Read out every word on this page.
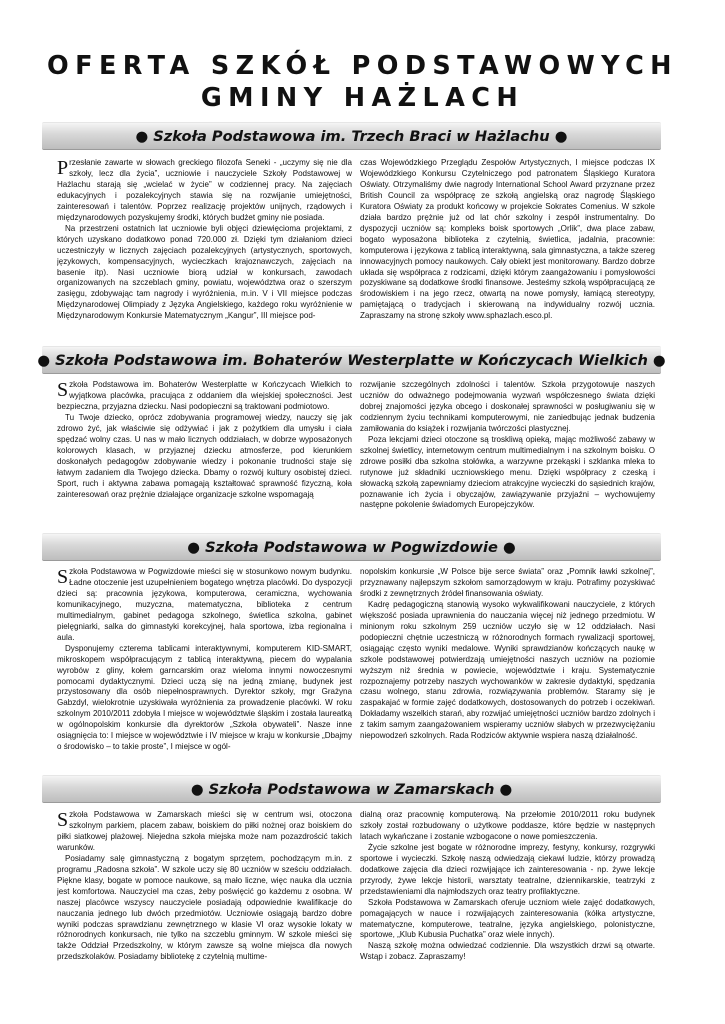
OFERTA SZKÓŁ PODSTAWOWYCH
GMINY HAŻLACH
● Szkoła Podstawowa im. Trzech Braci w Hażlachu ●

Przesłanie zawarte w słowach greckiego filozofa Seneki - „uczymy się nie dla szkoły, lecz dla życia”, uczniowie i nauczyciele Szkoły Podstawowej w Hażlachu starają się „wcielać w życie” w codziennej pracy. Na zajęciach edukacyjnych i pozalekcyjnych stawia się na rozwijanie umiejętności, zainteresowań i talentów. Poprzez realizację projektów unijnych, rządowych i międzynarodowych pozyskujemy środki, których budżet gminy nie posiada.

Na przestrzeni ostatnich lat uczniowie byli objęci dziewięcioma projektami, z których uzyskano dodatkowo ponad 720.000 zł. Dzięki tym działaniom dzieci uczestniczyły w licznych zajęciach pozalekcyjnych (artystycznych, sportowych, językowych, kompensacyjnych, wycieczkach krajoznawczych, zajęciach na basenie itp). Nasi uczniowie biorą udział w konkursach, zawodach organizowanych na szczeblach gminy, powiatu, województwa oraz o szerszym zasięgu, zdobywając tam nagrody i wyróżnienia, m.in. V i VII miejsce podczas Międzynarodowej Olimpiady z Języka Angielskiego, każdego roku wyróżnienie w Międzynarodowym Konkursie Matematycznym „Kangur”, III miejsce pod-

czas Wojewódzkiego Przeglądu Zespołów Artystycznych, I miejsce podczas IX Wojewódzkiego Konkursu Czytelniczego pod patronatem Śląskiego Kuratora Oświaty. Otrzymaliśmy dwie nagrody International School Award przyznane przez British Council za współpracę ze szkołą angielską oraz nagrodę Śląskiego Kuratora Oświaty za produkt końcowy w projekcie Sokrates Comenius. W szkole działa bardzo prężnie już od lat chór szkolny i zespół instrumentalny. Do dyspozycji uczniów są: kompleks boisk sportowych „Orlik”, dwa place zabaw, bogato wyposażona biblioteka z czytelnią, świetlica, jadalnia, pracownie: komputerowa i językowa z tablicą interaktywną, sala gimnastyczna, a także szereg innowacyjnych pomocy naukowych. Cały obiekt jest monitorowany. Bardzo dobrze układa się współpraca z rodzicami, dzięki którym zaangażowaniu i pomysłowości pozyskiwane są dodatkowe środki finansowe. Jesteśmy szkołą współpracującą ze środowiskiem i na jego rzecz, otwartą na nowe pomysły, łamiącą stereotypy, pamiętającą o tradycjach i skierowaną na indywidualny rozwój ucznia. Zapraszamy na stronę szkoły www.sphazlach.esco.pl.

● Szkoła Podstawowa im. Bohaterów Westerplatte w Kończycach Wielkich ●

Szkoła Podstawowa im. Bohaterów Westerplatte w Kończycach Wielkich to wyjątkowa placówka, pracująca z oddaniem dla wiejskiej społeczności. Jest bezpieczna, przyjazna dziecku. Nasi podopieczni są traktowani podmiotowo.

Tu Twoje dziecko, oprócz zdobywania programowej wiedzy, nauczy się jak zdrowo żyć, jak właściwie się odżywiać i jak z pożytkiem dla umysłu i ciała spędzać wolny czas. U nas w mało licznych oddziałach, w dobrze wyposażonych kolorowych klasach, w przyjaznej dziecku atmosferze, pod kierunkiem doskonałych pedagogów zdobywanie wiedzy i pokonanie trudności staje się łatwym zadaniem dla Twojego dziecka. Dbamy o rozwój kultury osobistej dzieci. Sport, ruch i aktywna zabawa pomagają kształtować sprawność fizyczną, koła zainteresowań oraz prężnie działające organizacje szkolne wspomagają

rozwijanie szczególnych zdolności i talentów. Szkoła przygotowuje naszych uczniów do odważnego podejmowania wyzwań współczesnego świata dzięki dobrej znajomości języka obcego i doskonałej sprawności w posługiwaniu się w codziennym życiu technikami komputerowymi, nie zaniedbując jednak budzenia zamiłowania do książek i rozwijania twórczości plastycznej.

Poza lekcjami dzieci otoczone są troskliwą opieką, mając możliwość zabawy w szkolnej świetlicy, internetowym centrum multimedialnym i na szkolnym boisku. O zdrowe posiłki dba szkolna stołówka, a warzywne przekąski i szklanka mleka to rutynowe już składniki uczniowskiego menu. Dzięki współpracy z czeską i słowacką szkołą zapewniamy dzieciom atrakcyjne wycieczki do sąsiednich krajów, poznawanie ich życia i obyczajów, zawiązywanie przyjaźni – wychowujemy następne pokolenie świadomych Europejczyków.

● Szkoła Podstawowa w Pogwizdowie ●

Szkoła Podstawowa w Pogwizdowie mieści się w stosunkowo nowym budynku. Ładne otoczenie jest uzupełnieniem bogatego wnętrza placówki. Do dyspozycji dzieci są: pracownia językowa, komputerowa, ceramiczna, wychowania komunikacyjnego, muzyczna, matematyczna, biblioteka z centrum multimedialnym, gabinet pedagoga szkolnego, świetlica szkolna, gabinet pielęgniarki, salka do gimnastyki korekcyjnej, hala sportowa, izba regionalna i aula.

Dysponujemy czterema tablicami interaktywnymi, komputerem KID-SMART, mikroskopem współpracującym z tablicą interaktywną, piecem do wypalania wyrobów z gliny, kołem garncarskim oraz wieloma innymi nowoczesnymi pomocami dydaktycznymi. Dzieci uczą się na jedną zmianę, budynek jest przystosowany dla osób niepełnosprawnych. Dyrektor szkoły, mgr Grażyna Gabzdyl, wielokrotnie uzyskiwała wyróżnienia za prowadzenie placówki. W roku szkolnym 2010/2011 zdobyła I miejsce w województwie śląskim i została laureatką w ogólnopolskim konkursie dla dyrektorów „Szkoła obywateli”. Nasze inne osiągnięcia to: I miejsce w województwie i IV miejsce w kraju w konkursie „Dbajmy o środowisko – to takie proste”, I miejsce w ogól-

nopolskim konkursie „W Polsce bije serce świata” oraz „Pomnik ławki szkolnej”, przyznawany najlepszym szkołom samorządowym w kraju. Potrafimy pozyskiwać środki z zewnętrznych źródeł finansowania oświaty.

Kadrę pedagogiczną stanowią wysoko wykwalifikowani nauczyciele, z których większość posiada uprawnienia do nauczania więcej niż jednego przedmiotu. W minionym roku szkolnym 259 uczniów uczyło się w 12 oddziałach. Nasi podopieczni chętnie uczestniczą w różnorodnych formach rywalizacji sportowej, osiągając często wyniki medalowe. Wyniki sprawdzianów kończących naukę w szkole podstawowej potwierdzają umiejętności naszych uczniów na poziomie wyższym niż średnia w powiecie, województwie i kraju. Systematycznie rozpoznajemy potrzeby naszych wychowanków w zakresie dydaktyki, spędzania czasu wolnego, stanu zdrowia, rozwiązywania problemów. Staramy się je zaspakajać w formie zajęć dodatkowych, dostosowanych do potrzeb i oczekiwań. Dokładamy wszelkich starań, aby rozwijać umiejętności uczniów bardzo zdolnych i z takim samym zaangażowaniem wspieramy uczniów słabych w przezwyciężaniu niepowodzeń szkolnych. Rada Rodziców aktywnie wspiera naszą działalność.

● Szkoła Podstawowa w Zamarskach ●

Szkoła Podstawowa w Zamarskach mieści się w centrum wsi, otoczona szkolnym parkiem, placem zabaw, boiskiem do piłki nożnej oraz boiskiem do piłki siatkowej plażowej. Niejedna szkoła miejska może nam pozazdrościć takich warunków.

Posiadamy salę gimnastyczną z bogatym sprzętem, pochodzącym m.in. z programu „Radosna szkoła”. W szkole uczy się 80 uczniów w sześciu oddziałach. Piękne klasy, bogate w pomoce naukowe, są mało liczne, więc nauka dla ucznia jest komfortowa. Nauczyciel ma czas, żeby poświęcić go każdemu z osobna. W naszej placówce wszyscy nauczyciele posiadają odpowiednie kwalifikacje do nauczania jednego lub dwóch przedmiotów. Uczniowie osiągają bardzo dobre wyniki podczas sprawdzianu zewnętrznego w klasie VI oraz wysokie lokaty w różnorodnych konkursach, nie tylko na szczeblu gminnym. W szkole mieści się także Oddział Przedszkolny, w którym zawsze są wolne miejsca dla nowych przedszkolaków. Posiadamy bibliotekę z czytelnią multime-

dialną oraz pracownię komputerową. Na przełomie 2010/2011 roku budynek szkoły został rozbudowany o użytkowe poddasze, które będzie w następnych latach wykańczane i zostanie wzbogacone o nowe pomieszczenia.

Życie szkolne jest bogate w różnorodne imprezy, festyny, konkursy, rozgrywki sportowe i wycieczki. Szkołę naszą odwiedzają ciekawi ludzie, którzy prowadzą dodatkowe zajęcia dla dzieci rozwijające ich zainteresowania - np. żywe lekcje przyrody, żywe lekcje historii, warsztaty teatralne, dziennikarskie, teatrzyki z przedstawieniami dla najmłodszych oraz teatry profilaktyczne.

Szkoła Podstawowa w Zamarskach oferuje uczniom wiele zajęć dodatkowych, pomagających w nauce i rozwijających zainteresowania (kółka artystyczne, matematyczne, komputerowe, teatralne, języka angielskiego, polonistyczne, sportowe, „Klub Kubusia Puchatka” oraz wiele innych).

Naszą szkołę można odwiedzać codziennie. Dla wszystkich drzwi są otwarte. Wstąp i zobacz. Zapraszamy!
